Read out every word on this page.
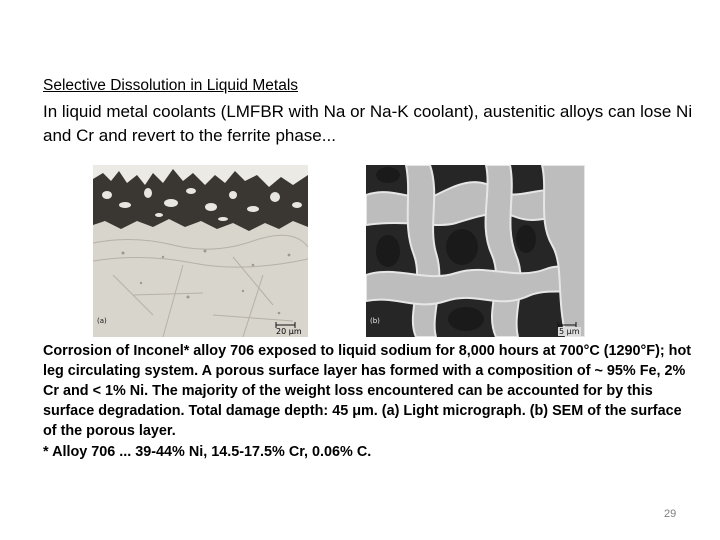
Selective Dissolution in Liquid Metals
In liquid metal coolants (LMFBR with Na or Na-K coolant), austenitic alloys can lose Ni and Cr and revert to the ferrite phase...
(a)
20 μm
(b)
5 μm
Corrosion of Inconel* alloy 706 exposed to liquid sodium for 8,000 hours at 700°C (1290°F); hot leg circulating system. A porous surface layer has formed with a composition of ~ 95% Fe, 2% Cr and < 1% Ni. The majority of the weight loss encountered can be accounted for by this surface degradation. Total damage depth: 45 μm. (a) Light micrograph. (b) SEM of the surface of the porous layer.
* Alloy 706 ... 39-44% Ni, 14.5-17.5% Cr, 0.06% C.
29
